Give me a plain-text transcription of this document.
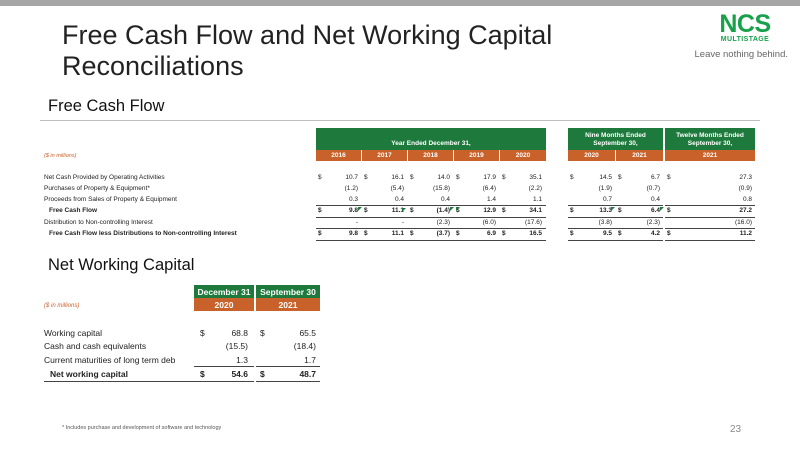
Free Cash Flow and Net Working Capital Reconciliations
NCS
MULTISTAGE
Leave nothing behind.
Free Cash Flow
Year Ended December 31,
Nine Months Ended September 30,
Twelve Months Ended September 30,
2016	2017	2018	2019	2020	2020	2021	2021
($ in millions)
Net Cash Provided by Operating Activities	$	10.7 $	16.1 $	14.0 $	17.9 $	35.1	$	14.5 $	6.7 $	27.3
Purchases of Property & Equipment*	(1.2)	(5.4)	(15.8)	(6.4)	(2.2)	(1.9)	(0.7)	(0.9)
Proceeds from Sales of Property & Equipment	0.3	0.4	0.4	1.4	1.1	0.7	0.4	0.8
Free Cash Flow	$	9.8 $	11.1 $	(1.4) $	12.9 $	34.1	$	13.3 $	6.4 $	27.2
Distribution to Non-controlling Interest	-	-	(2.3)	(6.0)	(17.6)	(3.8)	(2.3)	(16.0)
Free Cash Flow less Distributions to Non-controlling Interest	$	9.8 $	11.1 $	(3.7) $	6.9 $	16.5	$	9.5 $	4.2 $	11.2
Net Working Capital
December 31	September 30
2020	2021
($ in millions)
Working capital	$	68.8 $	65.5
Cash and cash equivalents	(15.5)	(18.4)
Current maturities of long term deb	1.3	1.7
Net working capital	$	54.6 $	48.7
* Includes purchase and development of software and technology	23
